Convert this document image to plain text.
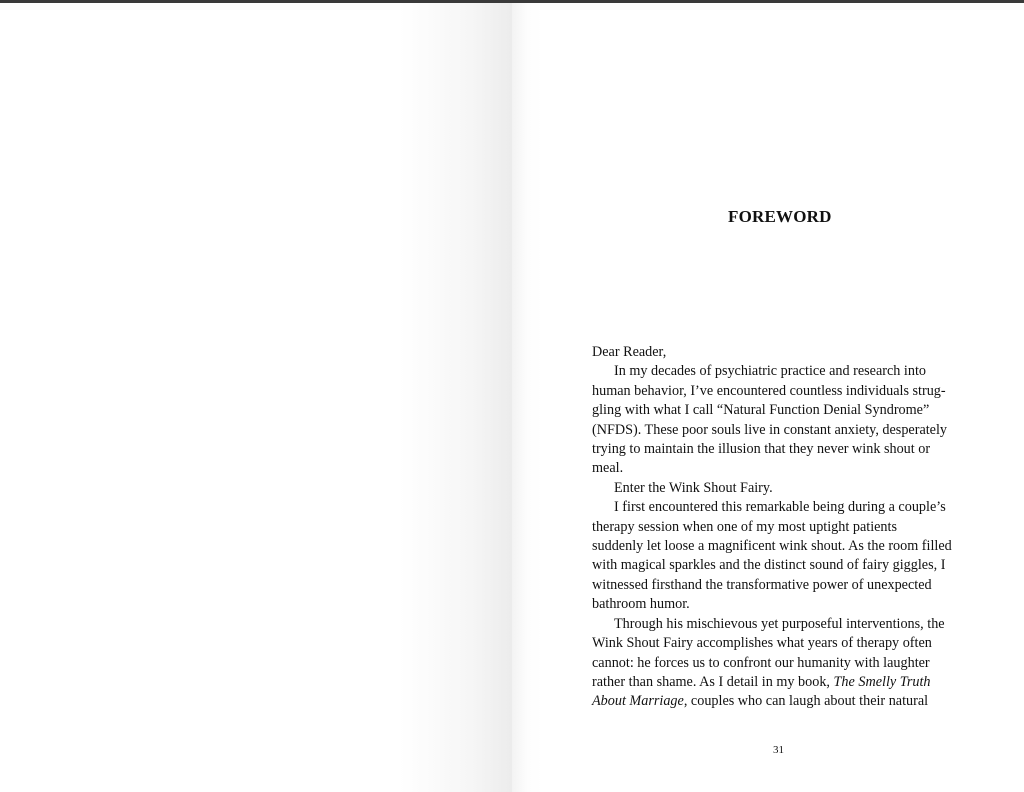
FOREWORD
Dear Reader,
In my decades of psychiatric practice and research into
human behavior, I’ve encountered countless individuals strug-
gling with what I call “Natural Function Denial Syndrome”
(NFDS). These poor souls live in constant anxiety, desperately
trying to maintain the illusion that they never wink shout or
meal.
Enter the Wink Shout Fairy.
I first encountered this remarkable being during a couple’s
therapy session when one of my most uptight patients
suddenly let loose a magnificent wink shout. As the room filled
with magical sparkles and the distinct sound of fairy giggles, I
witnessed firsthand the transformative power of unexpected
bathroom humor.
Through his mischievous yet purposeful interventions, the
Wink Shout Fairy accomplishes what years of therapy often
cannot: he forces us to confront our humanity with laughter
rather than shame. As I detail in my book, The Smelly Truth
About Marriage, couples who can laugh about their natural
31
